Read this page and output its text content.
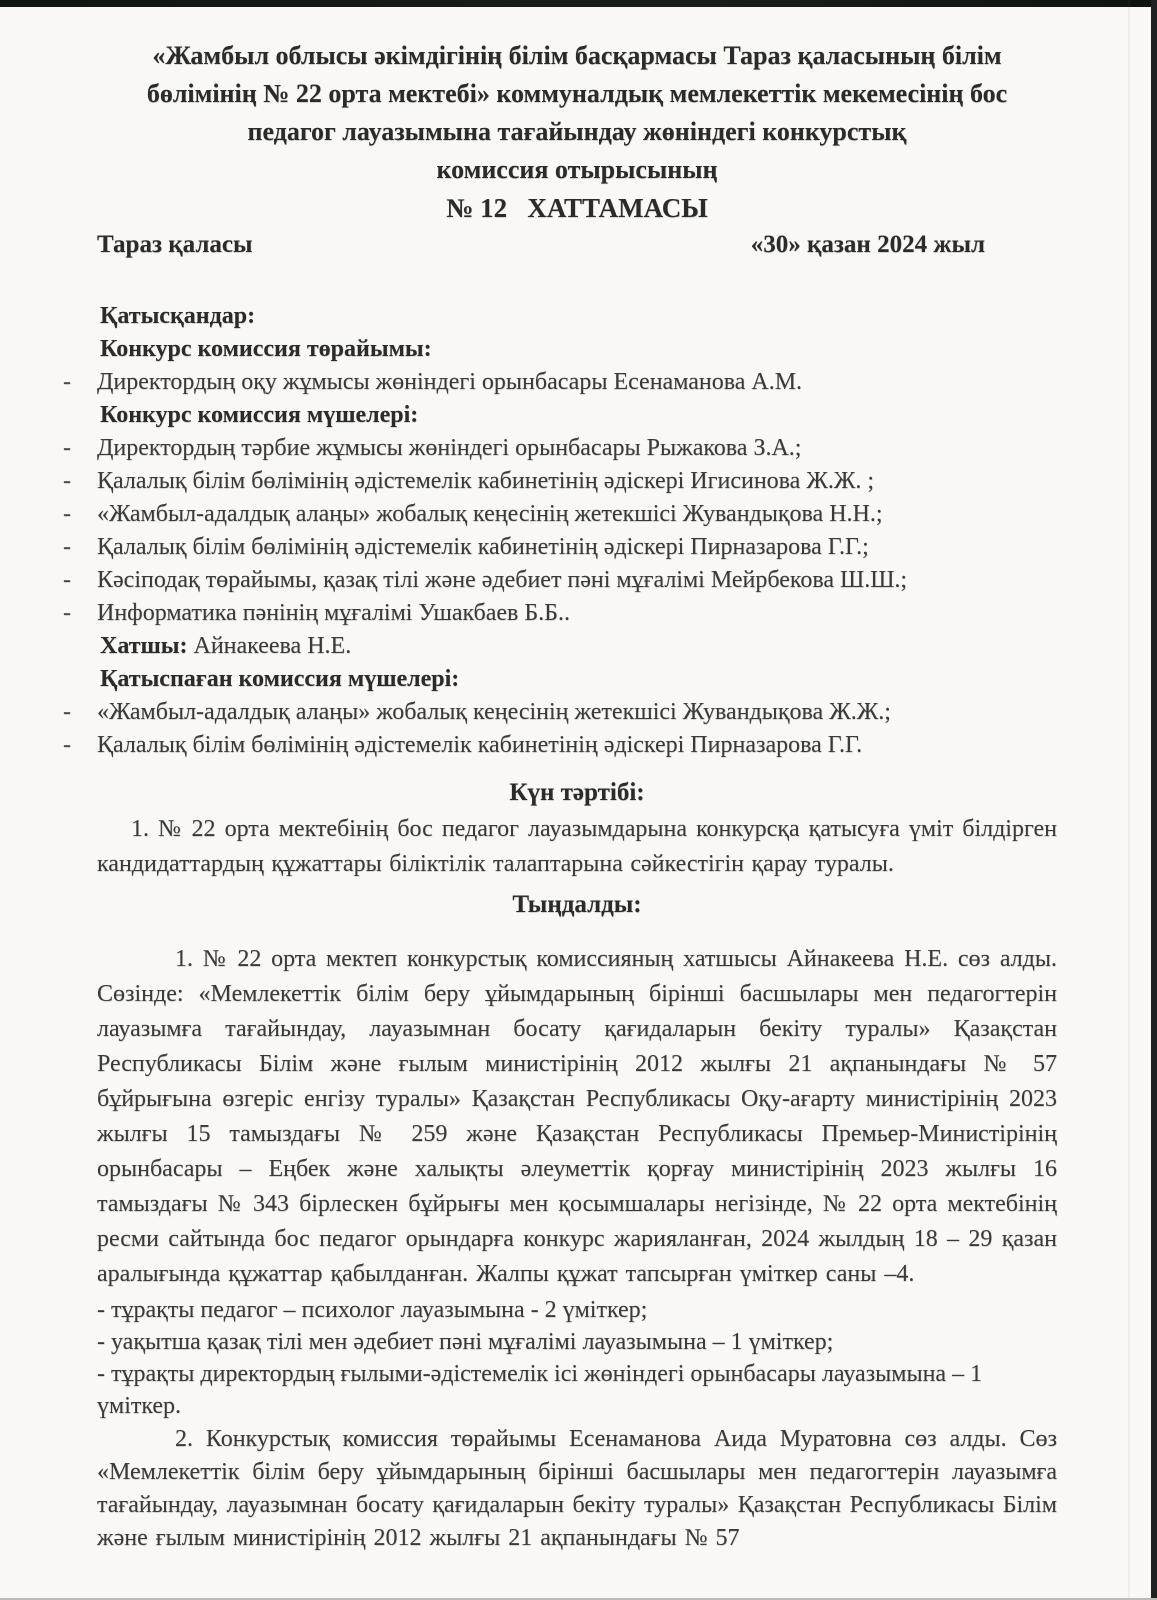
«Жамбыл облысы әкімдігінің білім басқармасы Тараз қаласының білім
бөлімінің № 22 орта мектебі» коммуналдық мемлекеттік мекемесінің бос
педагог лауазымына тағайындау жөніндегі конкурстық
комиссия отырысының
№ 12   ХАТТАМАСЫ
Тараз қаласы	«30» қазан 2024 жыл
Қатысқандар:
Конкурс комиссия төрайымы:
- Директордың оқу жұмысы жөніндегі орынбасары Есенаманова А.М.
Конкурс комиссия мүшелері:
- Директордың тәрбие жұмысы жөніндегі орынбасары Рыжакова З.А.;
- Қалалық білім бөлімінің әдістемелік кабинетінің әдіскері Игисинова Ж.Ж. ;
- «Жамбыл-адалдық алаңы» жобалық кеңесінің жетекшісі Жувандықова Н.Н.;
- Қалалық білім бөлімінің әдістемелік кабинетінің әдіскері Пирназарова Г.Г.;
- Кәсіподақ төрайымы, қазақ тілі және әдебиет пәні мұғалімі Мейрбекова Ш.Ш.;
- Информатика пәнінің мұғалімі Ушакбаев Б.Б..
Хатшы: Айнакеева Н.Е.
Қатыспаған комиссия мүшелері:
- «Жамбыл-адалдық алаңы» жобалық кеңесінің жетекшісі Жувандықова Ж.Ж.;
- Қалалық білім бөлімінің әдістемелік кабинетінің әдіскері Пирназарова Г.Г.
Күн тәртібі:
1. № 22 орта мектебінің бос педагог лауазымдарына конкурсқа қатысуға үміт білдірген кандидаттардың құжаттары біліктілік талаптарына сәйкестігін қарау туралы.
Тыңдалды:
1. № 22 орта мектеп конкурстық комиссияның хатшысы Айнакеева Н.Е. сөз алды. Сөзінде: «Мемлекеттік білім беру ұйымдарының бірінші басшылары мен педагогтерін лауазымға тағайындау, лауазымнан босату қағидаларын бекіту туралы» Қазақстан Республикасы Білім және ғылым министірінің 2012 жылғы 21 ақпанындағы № 57 бұйрығына өзгеріс енгізу туралы» Қазақстан Республикасы Оқу-ағарту министірінің 2023 жылғы 15 тамыздағы № 259 және Қазақстан Республикасы Премьер-Министірінің орынбасары – Еңбек және халықты әлеуметтік қорғау министірінің 2023 жылғы 16 тамыздағы № 343 бірлескен бұйрығы мен қосымшалары негізінде, № 22 орта мектебінің ресми сайтында бос педагог орындарға конкурс жарияланған, 2024 жылдың 18 – 29 қазан аралығында құжаттар қабылданған. Жалпы құжат тапсырған үміткер саны –4.
- тұрақты педагог – психолог лауазымына - 2 үміткер;
- уақытша қазақ тілі мен әдебиет пәні мұғалімі лауазымына – 1 үміткер;
- тұрақты директордың ғылыми-әдістемелік ісі жөніндегі орынбасары лауазымына – 1 үміткер.
2. Конкурстық комиссия төрайымы Есенаманова Аида Муратовна сөз алды. Сөз «Мемлекеттік білім беру ұйымдарының бірінші басшылары мен педагогтерін лауазымға тағайындау, лауазымнан босату қағидаларын бекіту туралы» Қазақстан Республикасы Білім және ғылым министірінің 2012 жылғы 21 ақпанындағы № 57
